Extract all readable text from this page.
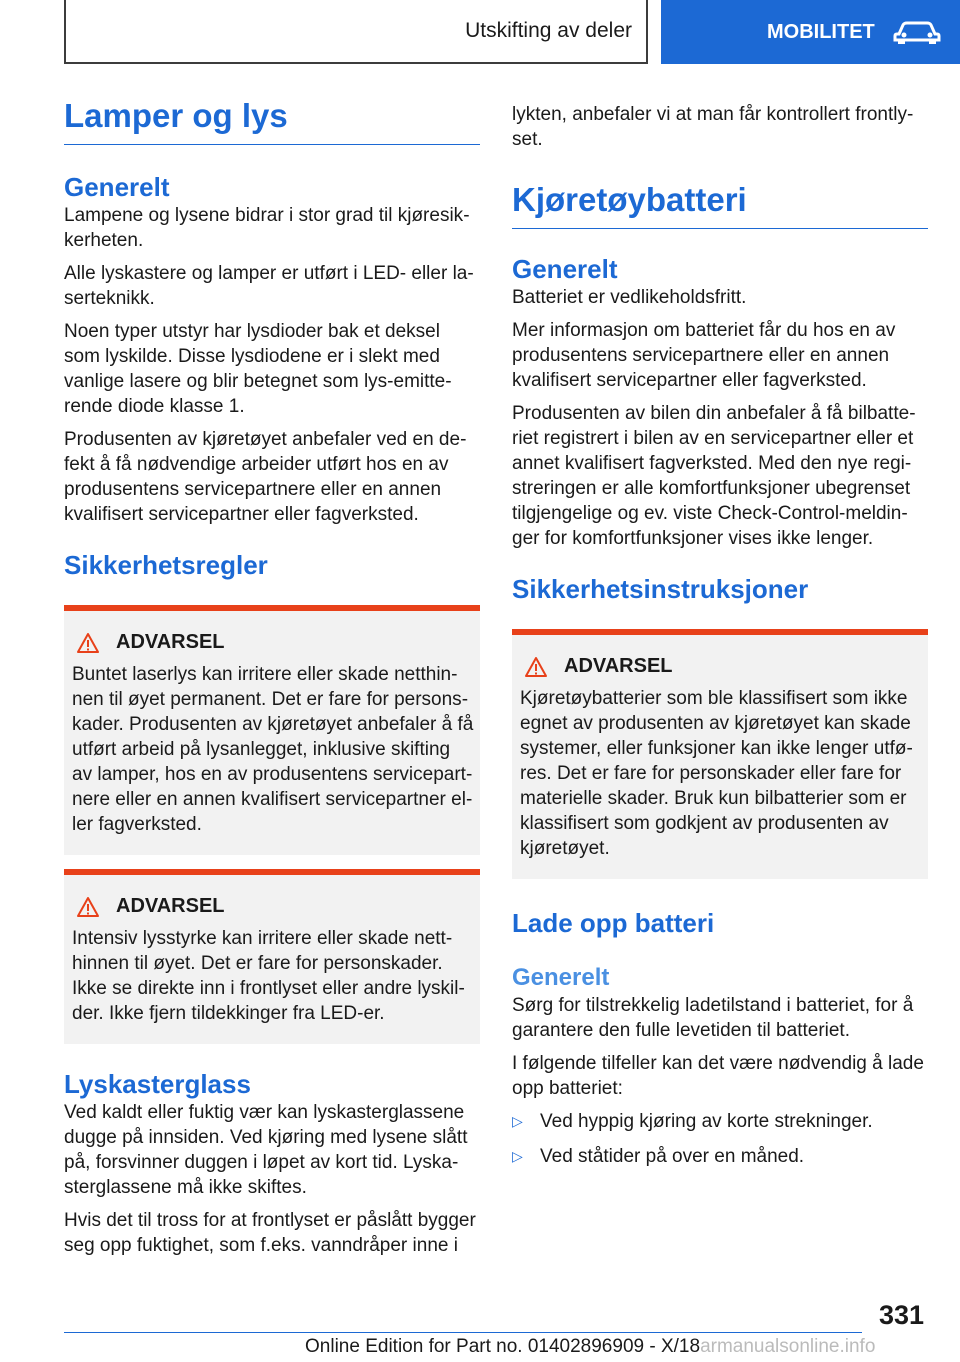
Utskifting av deler	MOBILITET
Lamper og lys
Generelt

Lampene og lysene bidrar i stor grad til kjøresikkerheten.

Alle lyskastere og lamper er utført i LED- eller laserteknikk.

Noen typer utstyr har lysdioder bak et deksel som lyskilde. Disse lysdiodene er i slekt med vanlige lasere og blir betegnet som lys-emitterende diode klasse 1.

Produsenten av kjøretøyet anbefaler ved en defekt å få nødvendige arbeider utført hos en av produsentens servicepartnere eller en annen kvalifisert servicepartner eller fagverksted.

Sikkerhetsregler
ADVARSEL

Buntet laserlys kan irritere eller skade netthinnen til øyet permanent. Det er fare for personskader. Produsenten av kjøretøyet anbefaler å få utført arbeid på lysanlegget, inklusive skifting av lamper, hos en av produsentens servicepartnere eller en annen kvalifisert servicepartner eller fagverksted.

ADVARSEL

Intensiv lysstyrke kan irritere eller skade netthinnen til øyet. Det er fare for personskader. Ikke se direkte inn i frontlyset eller andre lyskilder. Ikke fjern tildekkinger fra LED-er.

Lyskasterglass

Ved kaldt eller fuktig vær kan lyskasterglassene dugge på innsiden. Ved kjøring med lysene slått på, forsvinner duggen i løpet av kort tid. Lyskasterglassene må ikke skiftes.

Hvis det til tross for at frontlyset er påslått bygger seg opp fuktighet, som f.eks. vanndråper inne i

lykten, anbefaler vi at man får kontrollert frontlyset.

Kjøretøybatteri
Generelt

Batteriet er vedlikeholdsfritt.

Mer informasjon om batteriet får du hos en av produsentens servicepartnere eller en annen kvalifisert servicepartner eller fagverksted.

Produsenten av bilen din anbefaler å få bilbatteriet registrert i bilen av en servicepartner eller et annet kvalifisert fagverksted. Med den nye registreringen er alle komfortfunksjoner ubegrenset tilgjengelige og ev. viste Check-Control-meldinger for komfortfunksjoner vises ikke lenger.

Sikkerhetsinstruksjoner
ADVARSEL

Kjøretøybatterier som ble klassifisert som ikke egnet av produsenten av kjøretøyet kan skade systemer, eller funksjoner kan ikke lenger utføres. Det er fare for personskader eller fare for materielle skader. Bruk kun bilbatterier som er klassifisert som godkjent av produsenten av kjøretøyet.

Lade opp batteri
Generelt

Sørg for tilstrekkelig ladetilstand i batteriet, for å garantere den fulle levetiden til batteriet.

I følgende tilfeller kan det være nødvendig å lade opp batteriet:

▷ Ved hyppig kjøring av korte strekninger.
▷ Ved ståtider på over en måned.
331
Online Edition for Part no. 01402896909 - X/18armanualsonline.info
